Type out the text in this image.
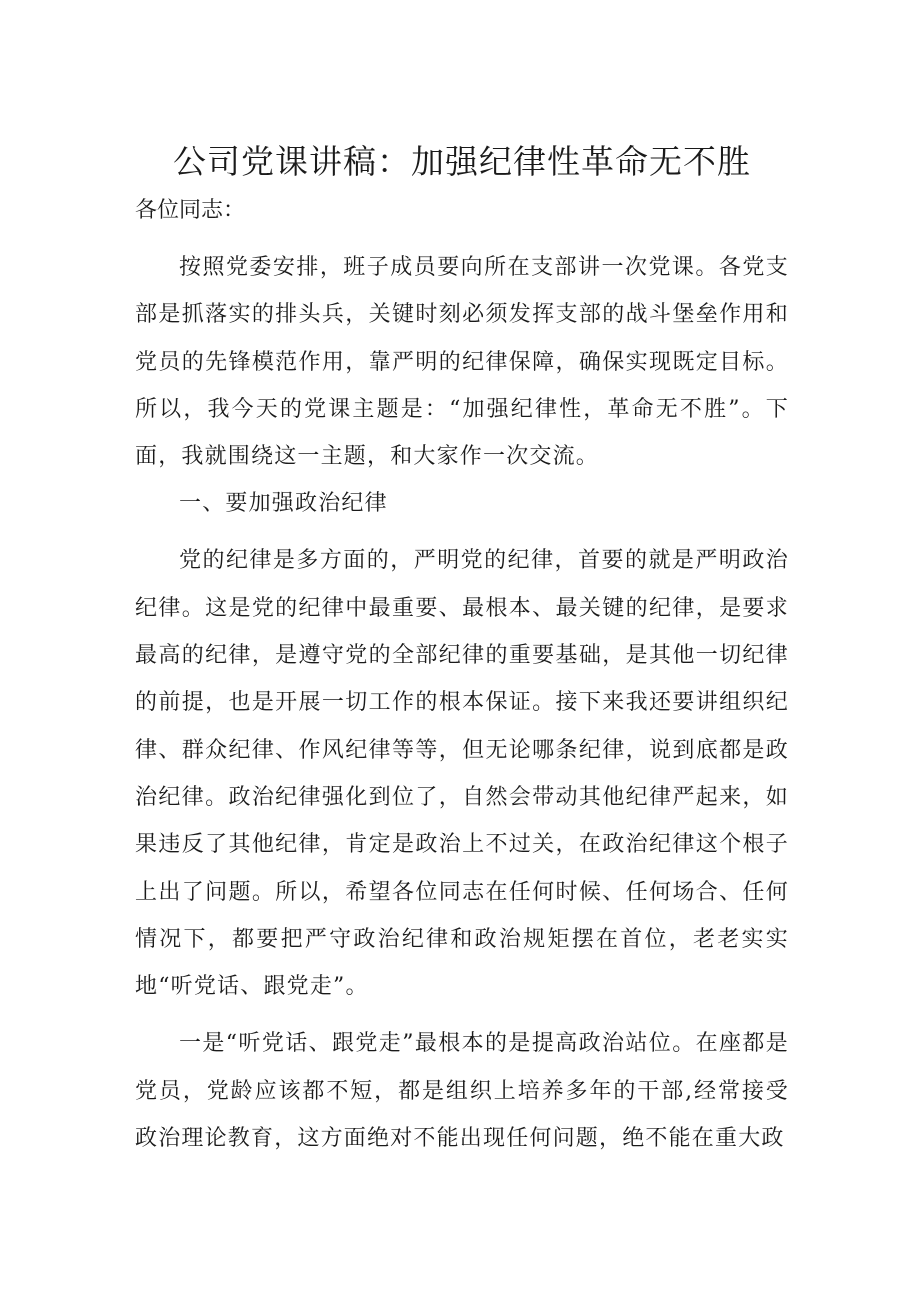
公司党课讲稿：加强纪律性革命无不胜

各位同志：

按照党委安排，班子成员要向所在支部讲一次党课。各党支部是抓落实的排头兵，关键时刻必须发挥支部的战斗堡垒作用和党员的先锋模范作用，靠严明的纪律保障，确保实现既定目标。所以，我今天的党课主题是：“加强纪律性，革命无不胜”。下面，我就围绕这一主题，和大家作一次交流。

一、要加强政治纪律

党的纪律是多方面的，严明党的纪律，首要的就是严明政治纪律。这是党的纪律中最重要、最根本、最关键的纪律，是要求最高的纪律，是遵守党的全部纪律的重要基础，是其他一切纪律的前提，也是开展一切工作的根本保证。接下来我还要讲组织纪律、群众纪律、作风纪律等等，但无论哪条纪律，说到底都是政治纪律。政治纪律强化到位了，自然会带动其他纪律严起来，如果违反了其他纪律，肯定是政治上不过关，在政治纪律这个根子上出了问题。所以，希望各位同志在任何时候、任何场合、任何情况下，都要把严守政治纪律和政治规矩摆在首位，老老实实地“听党话、跟党走”。

一是“听党话、跟党走”最根本的是提高政治站位。在座都是党员，党龄应该都不短，都是组织上培养多年的干部,经常接受政治理论教育，这方面绝对不能出现任何问题，绝不能在重大政
